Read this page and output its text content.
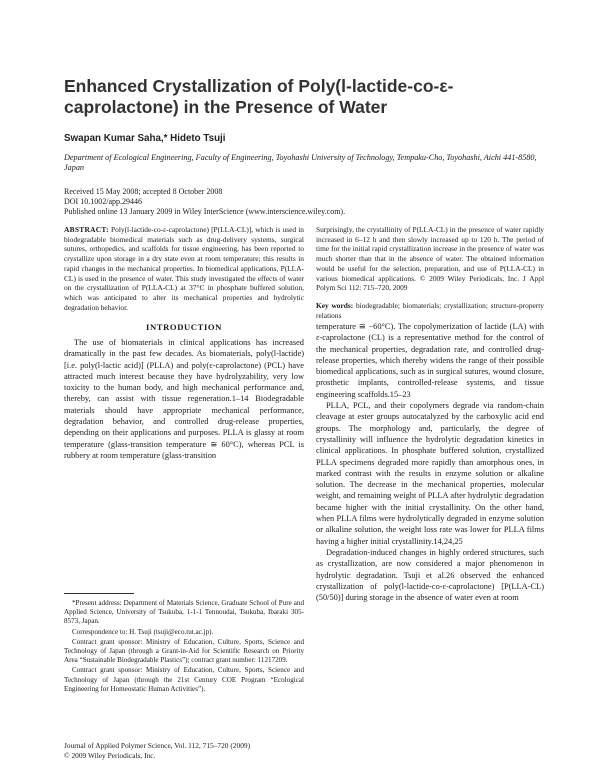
Enhanced Crystallization of Poly(l-lactide-co-ε-caprolactone) in the Presence of Water
Swapan Kumar Saha,* Hideto Tsuji
Department of Ecological Engineering, Faculty of Engineering, Toyohashi University of Technology, Tempaku-Cho, Toyohashi, Aichi 441-8580, Japan
Received 15 May 2008; accepted 8 October 2008
DOI 10.1002/app.29446
Published online 13 January 2009 in Wiley InterScience (www.interscience.wiley.com).
ABSTRACT: Poly(l-lactide-co-ε-caprolactone) [P(LLA-CL)], which is used in biodegradable biomedical materials such as drug-delivery systems, surgical sutures, orthopedics, and scaffolds for tissue engineering, has been reported to crystallize upon storage in a dry state even at room temperature; this results in rapid changes in the mechanical properties. In biomedical applications, P(LLA-CL) is used in the presence of water. This study investigated the effects of water on the crystallization of P(LLA-CL) at 37°C in phosphate buffered solution, which was anticipated to alter its mechanical properties and hydrolytic degradation behavior.
Surprisingly, the crystallinity of P(LLA-CL) in the presence of water rapidly increased in 6–12 h and then slowly increased up to 120 h. The period of time for the initial rapid crystallization increase in the presence of water was much shorter than that in the absence of water. The obtained information would be useful for the selection, preparation, and use of P(LLA-CL) in various biomedical applications. © 2009 Wiley Periodicals, Inc. J Appl Polym Sci 112: 715–720, 2009
Key words: biodegradable; biomaterials; crystallization; structure-property relations
INTRODUCTION

The use of biomaterials in clinical applications has increased dramatically in the past few decades. As biomaterials, poly(l-lactide) [i.e. poly(l-lactic acid)] (PLLA) and poly(ε-caprolactone) (PCL) have attracted much interest because they have hydrolyzability, very low toxicity to the human body, and high mechanical performance and, thereby, can assist with tissue regeneration.1–14 Biodegradable materials should have appropriate mechanical performance, degradation behavior, and controlled drug-release properties, depending on their applications and purposes. PLLA is glassy at room temperature (glass-transition temperature ≅ 60°C), whereas PCL is rubbery at room temperature (glass-transition

temperature ≅ −60°C). The copolymerization of lactide (LA) with ε-caprolactone (CL) is a representative method for the control of the mechanical properties, degradation rate, and controlled drug-release properties, which thereby widens the range of their possible biomedical applications, such as in surgical sutures, wound closure, prosthetic implants, controlled-release systems, and tissue engineering scaffolds.15–23

PLLA, PCL, and their copolymers degrade via random-chain cleavage at ester groups autocatalyzed by the carboxylic acid end groups. The morphology and, particularly, the degree of crystallinity will influence the hydrolytic degradation kinetics in clinical applications. In phosphate buffered solution, crystallized PLLA specimens degraded more rapidly than amorphous ones, in marked contrast with the results in enzyme solution or alkaline solution. The decrease in the mechanical properties, molecular weight, and remaining weight of PLLA after hydrolytic degradation became higher with the initial crystallinity. On the other hand, when PLLA films were hydrolytically degraded in enzyme solution or alkaline solution, the weight loss rate was lower for PLLA films having a higher initial crystallinity.14,24,25

Degradation-induced changes in highly ordered structures, such as crystallization, are now considered a major phenomenon in hydrolytic degradation. Tsuji et al.26 observed the enhanced crystallization of poly(l-lactide-co-ε-caprolactone) [P(LLA-CL)(50/50)] during storage in the absence of water even at room

*Present address: Department of Materials Science, Graduate School of Pure and Applied Science, University of Tsukuba, 1-1-1 Tennoudai, Tsukuba, Ibaraki 305-8573, Japan.

Correspondence to: H. Tsuji (tsuji@eco.tut.ac.jp).

Contract grant sponsor: Ministry of Education, Culture, Sports, Science and Technology of Japan (through a Grant-in-Aid for Scientific Research on Priority Area “Sustainable Biodegradable Plastics”); contract grant number: 11217209.

Contract grant sponsor: Ministry of Education, Culture, Sports, Science and Technology of Japan (through the 21st Century COE Program “Ecological Engineering for Homeostatic Human Activities”).

Journal of Applied Polymer Science, Vol. 112, 715–720 (2009)
© 2009 Wiley Periodicals, Inc.
